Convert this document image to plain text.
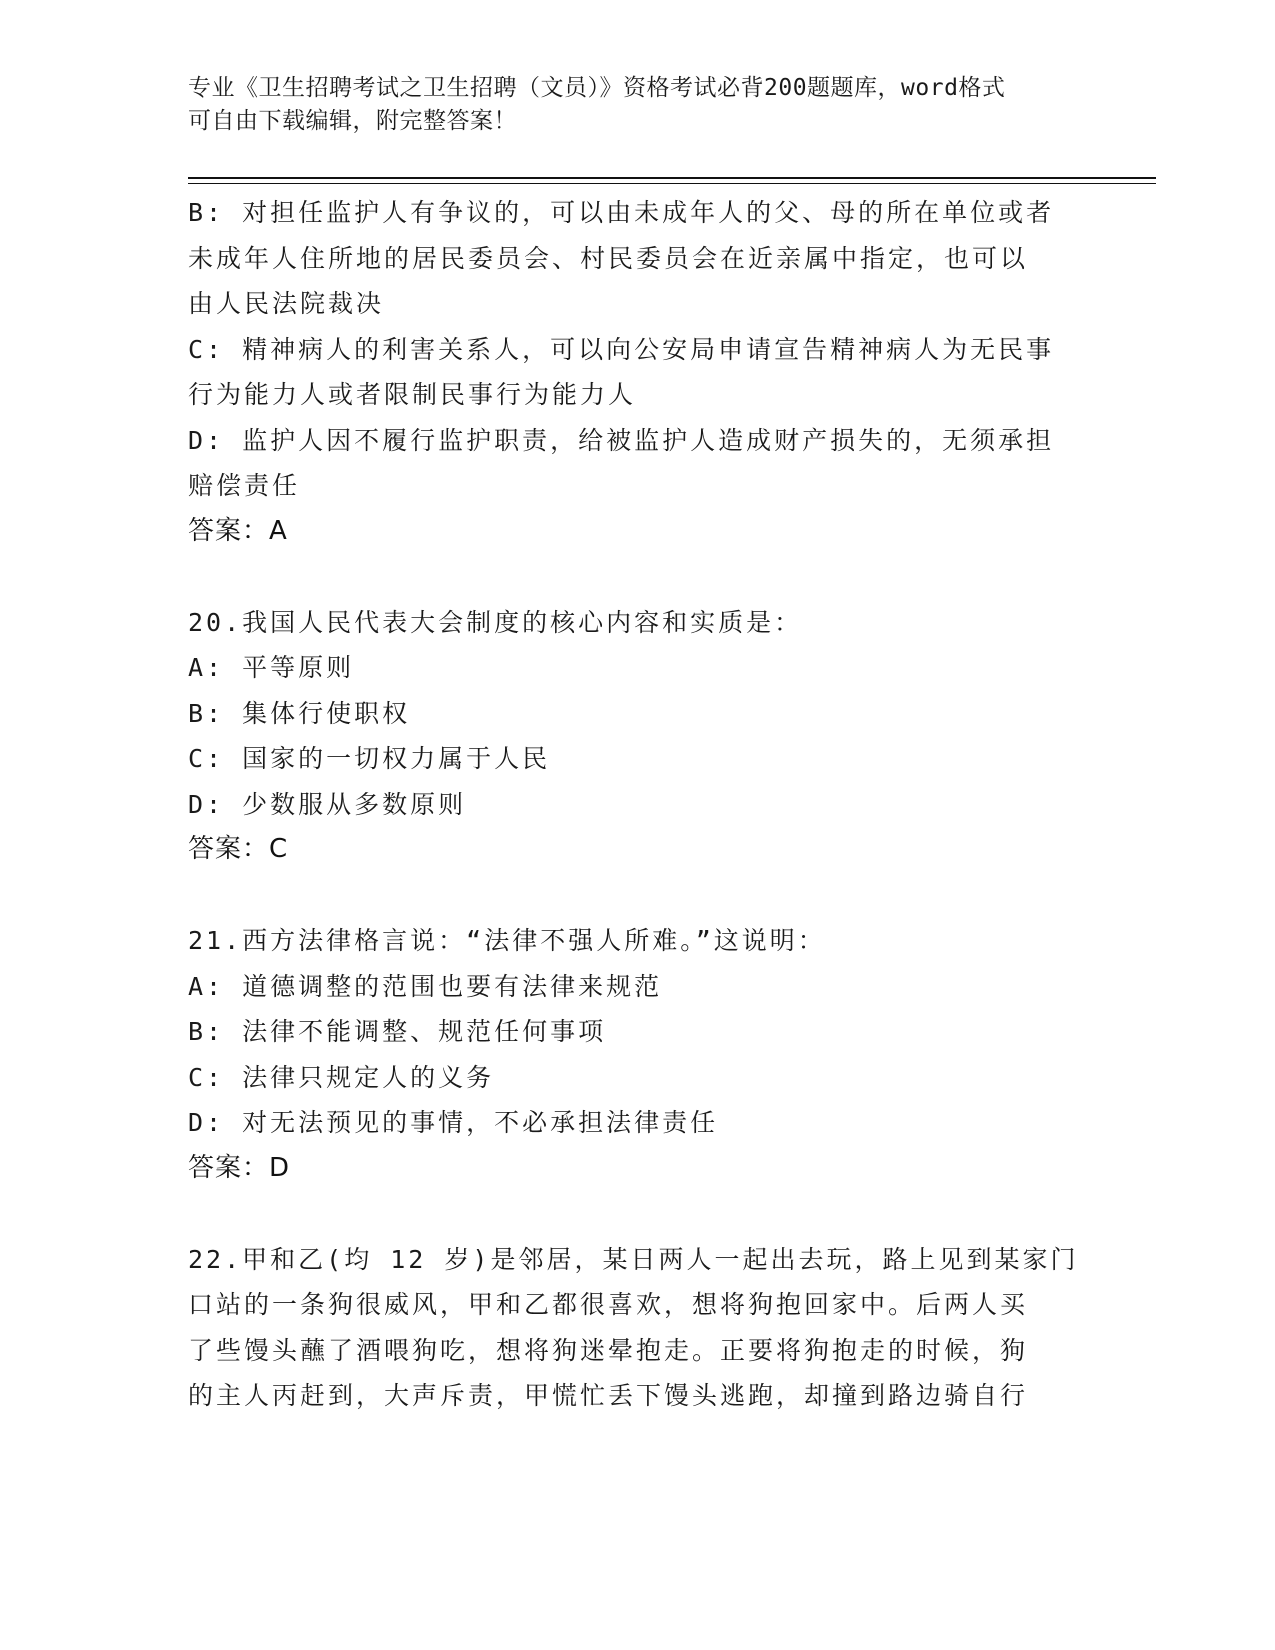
专业《卫生招聘考试之卫生招聘（文员）》资格考试必背200题题库，word格式
可自由下载编辑，附完整答案！
B: 对担任监护人有争议的，可以由未成年人的父、母的所在单位或者
未成年人住所地的居民委员会、村民委员会在近亲属中指定，也可以
由人民法院裁决
C: 精神病人的利害关系人，可以向公安局申请宣告精神病人为无民事
行为能力人或者限制民事行为能力人
D: 监护人因不履行监护职责，给被监护人造成财产损失的，无须承担
赔偿责任
答案：A
20.我国人民代表大会制度的核心内容和实质是：
A: 平等原则
B: 集体行使职权
C: 国家的一切权力属于人民
D: 少数服从多数原则
答案：C
21.西方法律格言说：“法律不强人所难。”这说明：
A: 道德调整的范围也要有法律来规范
B: 法律不能调整、规范任何事项
C: 法律只规定人的义务
D: 对无法预见的事情，不必承担法律责任
答案：D
22.甲和乙(均 12 岁)是邻居，某日两人一起出去玩，路上见到某家门
口站的一条狗很威风，甲和乙都很喜欢，想将狗抱回家中。后两人买
了些馒头蘸了酒喂狗吃，想将狗迷晕抱走。正要将狗抱走的时候，狗
的主人丙赶到，大声斥责，甲慌忙丢下馒头逃跑，却撞到路边骑自行
